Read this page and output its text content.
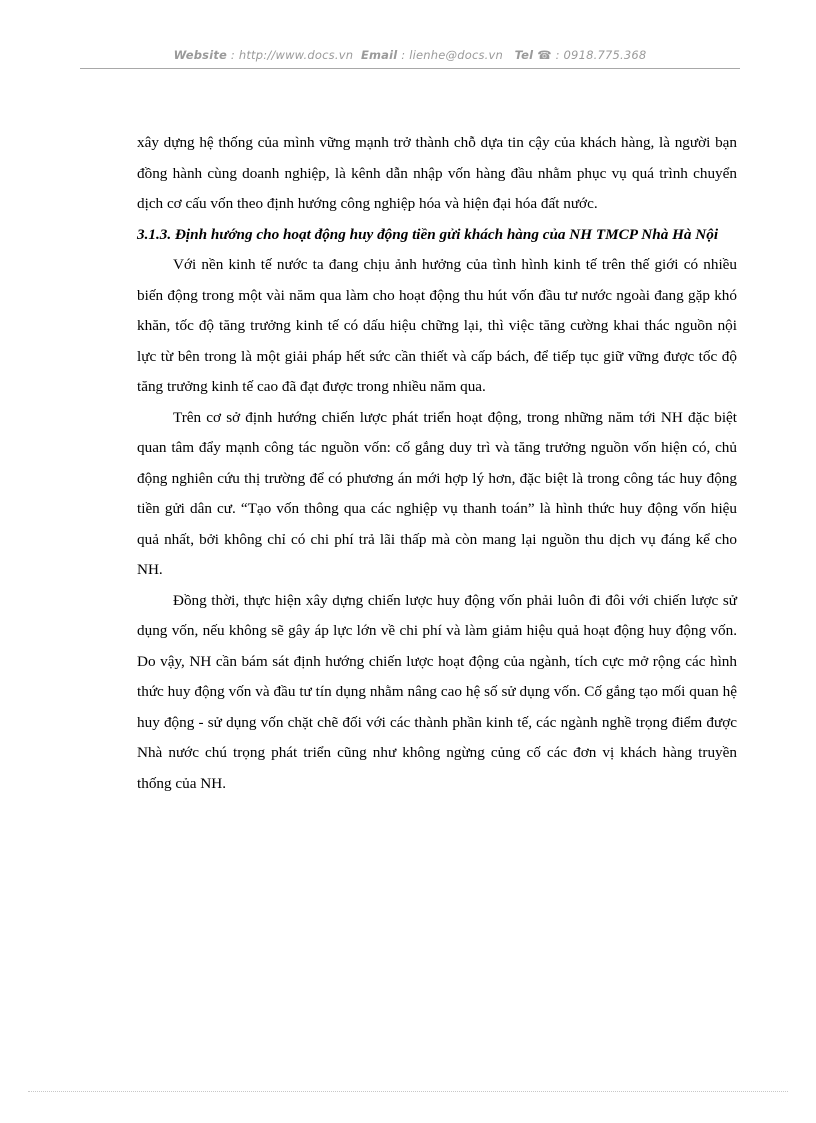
Website : http://www.docs.vn Email : lienhe@docs.vn Tel ☎ : 0918.775.368

xây dựng hệ thống của mình vững mạnh trở thành chỗ dựa tin cậy của khách hàng, là người bạn đồng hành cùng doanh nghiệp, là kênh dẫn nhập vốn hàng đầu nhằm phục vụ quá trình chuyển dịch cơ cấu vốn theo định hướng công nghiệp hóa và hiện đại hóa đất nước.

3.1.3. Định hướng cho hoạt động huy động tiền gửi khách hàng của NH TMCP Nhà Hà Nội

Với nền kinh tế nước ta đang chịu ảnh hưởng của tình hình kinh tế trên thế giới có nhiều biến động trong một vài năm qua làm cho hoạt động thu hút vốn đầu tư nước ngoài đang gặp khó khăn, tốc độ tăng trưởng kinh tế có dấu hiệu chững lại, thì việc tăng cường khai thác nguồn nội lực từ bên trong là một giải pháp hết sức cần thiết và cấp bách, để tiếp tục giữ vững được tốc độ tăng trưởng kinh tế cao đã đạt được trong nhiều năm qua.

Trên cơ sở định hướng chiến lược phát triển hoạt động, trong những năm tới NH đặc biệt quan tâm đẩy mạnh công tác nguồn vốn: cố gắng duy trì và tăng trưởng nguồn vốn hiện có, chủ động nghiên cứu thị trường để có phương án mới hợp lý hơn, đặc biệt là trong công tác huy động tiền gửi dân cư. “Tạo vốn thông qua các nghiệp vụ thanh toán” là hình thức huy động vốn hiệu quả nhất, bởi không chỉ có chi phí trả lãi thấp mà còn mang lại nguồn thu dịch vụ đáng kể cho NH.

Đồng thời, thực hiện xây dựng chiến lược huy động vốn phải luôn đi đôi với chiến lược sử dụng vốn, nếu không sẽ gây áp lực lớn về chi phí và làm giảm hiệu quả hoạt động huy động vốn. Do vậy, NH cần bám sát định hướng chiến lược hoạt động của ngành, tích cực mở rộng các hình thức huy động vốn và đầu tư tín dụng nhằm nâng cao hệ số sử dụng vốn. Cố gắng tạo mối quan hệ huy động - sử dụng vốn chặt chẽ đối với các thành phần kinh tế, các ngành nghề trọng điểm được Nhà nước chú trọng phát triển cũng như không ngừng củng cố các đơn vị khách hàng truyền thống của NH.
